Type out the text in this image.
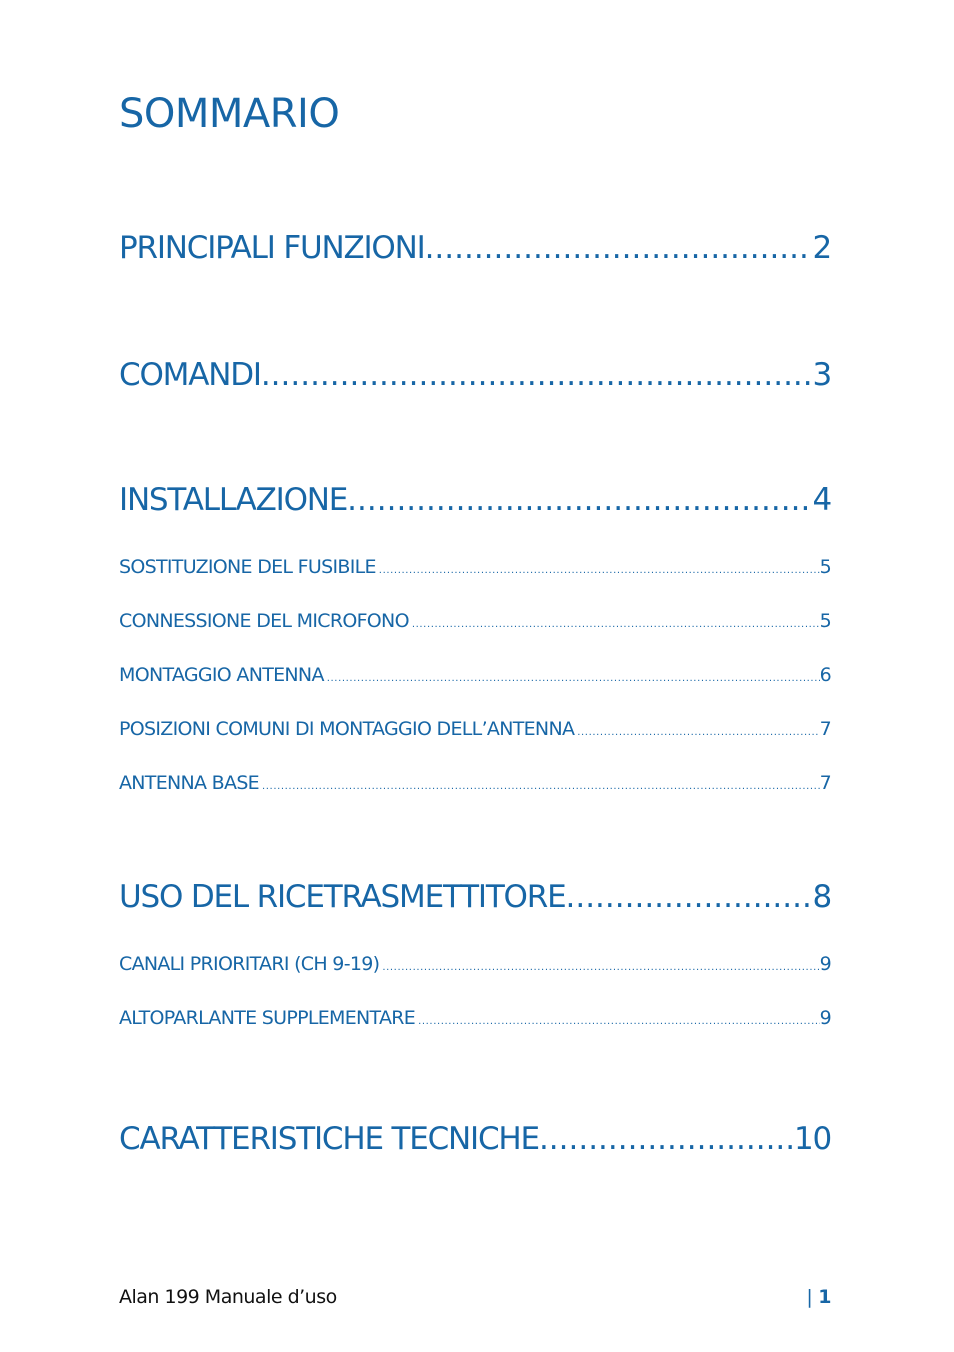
SOMMARIO
PRINCIPALI FUNZIONI .....	2
COMANDI .....	3
INSTALLAZIONE .....	4
SOSTITUZIONE DEL FUSIBILE .....	5
CONNESSIONE DEL MICROFONO .....	5
MONTAGGIO ANTENNA .....	6
POSIZIONI COMUNI DI MONTAGGIO DELL’ANTENNA .....	7
ANTENNA BASE .....	7
USO DEL RICETRASMETTITORE .....	8
CANALI PRIORITARI (CH 9-19) .....	9
ALTOPARLANTE SUPPLEMENTARE .....	9
CARATTERISTICHE TECNICHE .....	10
Alan 199 Manuale d’uso	| 1
